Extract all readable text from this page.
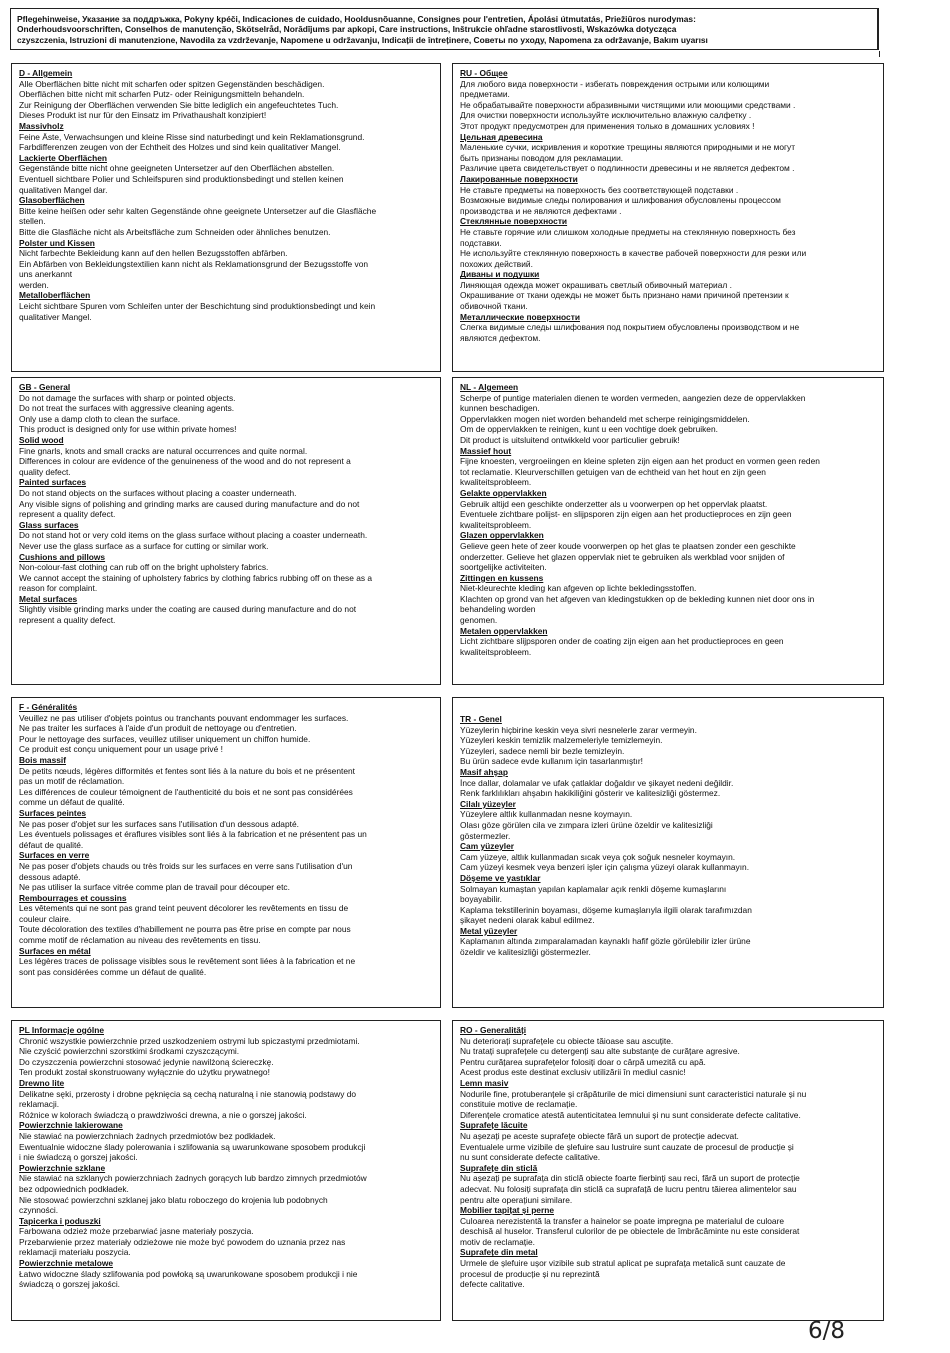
Pflegehinweise, Указание за поддръжка, Pokyny kpéči, Indicaciones de cuidado, Hooldusnõuanne, Consignes pour l'entretien, Ápolási útmutatás, Priežiūros nurodymas:
Onderhoudsvoorschriften, Conselhos de manutenção, Skötselråd, Norādījums par apkopi, Care instructions, Inštrukcie ohľadne starostlivosti, Wskazówka dotycząca
czyszczenia, Istruzioni di manutenzione, Navodila za vzdrževanje, Napomene u održavanju, Indicații de întreținere, Советы по уходу, Napomena za održavanje, Bakım uyarısı
D - Allgemein
Alle Oberflächen bitte nicht mit scharfen oder spitzen Gegenständen beschädigen.
Oberflächen bitte nicht mit scharfen Putz- oder Reinigungsmitteln behandeln.
Zur Reinigung der Oberflächen verwenden Sie bitte lediglich ein angefeuchtetes Tuch.
Dieses Produkt ist nur für den Einsatz im Privathaushalt konzipiert!
Massivholz
Feine Äste, Verwachsungen und kleine Risse sind naturbedingt und kein Reklamationsgrund.
Farbdifferenzen zeugen von der Echtheit des Holzes und sind kein qualitativer Mangel.
Lackierte Oberflächen
Gegenstände bitte nicht ohne geeigneten Untersetzer auf den Oberflächen abstellen.
Eventuell sichtbare Polier und Schleifspuren sind produktionsbedingt und stellen keinen
qualitativen Mangel dar.
Glasoberflächen
Bitte keine heißen oder sehr kalten Gegenstände ohne geeignete Untersetzer auf die Glasfläche
stellen.
Bitte die Glasfläche nicht als Arbeitsfläche zum Schneiden oder ähnliches benutzen.
Polster und Kissen
Nicht farbechte Bekleidung kann auf den hellen Bezugsstoffen abfärben.
Ein Abfärben von Bekleidungstextilien kann nicht als Reklamationsgrund der Bezugsstoffe von
uns anerkannt
werden.
Metalloberflächen
Leicht sichtbare Spuren vom Schleifen unter der Beschichtung sind produktionsbedingt und kein
qualitativer Mangel.
RU - Общее
Для любого вида поверхности - избегать повреждения острыми или колющими
предметами.
Не обрабатывайте поверхности абразивными чистящими или моющими средствами .
Для очистки поверхности используйте исключительно влажную салфетку .
Этот продукт предусмотрен для применения только в домашних условиях !
Цельная древесина
Маленькие сучки, искривления и короткие трещины являются природными и не могут
быть признаны поводом для рекламации.
Различие цвета свидетельствует о подлинности древесины и не является дефектом .
Лакированные поверхности
Не ставьте предметы на поверхность без соответствующей подставки .
Возможные видимые следы полирования и шлифования обусловлены процессом
производства и не являются дефектами .
Стеклянные поверхности
Не ставьте горячие или слишком холодные предметы на стеклянную поверхность без
подставки.
Не используйте стеклянную поверхность в качестве рабочей поверхности для резки или
похожих действий.
Диваны и подушки
Линяющая одежда может окрашивать светлый обивочный материал .
Окрашивание от ткани одежды не может быть признано нами причиной претензии к
обивочной ткани.
Металлические поверхности
Слегка видимые следы шлифования под покрытием обусловлены производством и не
являются дефектом.
GB - General
Do not damage the surfaces with sharp or pointed objects.
Do not treat the surfaces with aggressive cleaning agents.
Only use a damp cloth to clean the surface.
This product is designed only for use within private homes!
Solid wood
Fine gnarls, knots and small cracks are natural occurrences and quite normal.
Differences in colour are evidence of the genuineness of the wood and do not represent a
quality defect.
Painted surfaces
Do not stand objects on the surfaces without placing a coaster underneath.
Any visible signs of polishing and grinding marks are caused during manufacture and do not
represent a quality defect.
Glass surfaces
Do not stand hot or very cold items on the glass surface without placing a coaster underneath.
Never use the glass surface as a surface for cutting or similar work.
Cushions and pillows
Non-colour-fast clothing can rub off on the bright upholstery fabrics.
We cannot accept the staining of upholstery fabrics by clothing fabrics rubbing off on these as a
reason for complaint.
Metal surfaces
Slightly visible grinding marks under the coating are caused during manufacture and do not
represent a quality defect.
NL - Algemeen
Scherpe of puntige materialen dienen te worden vermeden, aangezien deze de oppervlakken
kunnen beschadigen.
Oppervlakken mogen niet worden behandeld met scherpe reinigingsmiddelen.
Om de oppervlakken te reinigen, kunt u een vochtige doek gebruiken.
Dit product is uitsluitend ontwikkeld voor particulier gebruik!
Massief hout
Fijne knoesten, vergroeiingen en kleine spleten zijn eigen aan het product en vormen geen reden
tot reclamatie. Kleurverschillen getuigen van de echtheid van het hout en zijn geen
kwaliteitsprobleem.
Gelakte oppervlakken
Gebruik altijd een geschikte onderzetter als u voorwerpen op het oppervlak plaatst.
Eventuele zichtbare polijst- en slijpsporen zijn eigen aan het productieproces en zijn geen
kwaliteitsprobleem.
Glazen oppervlakken
Gelieve geen hete of zeer koude voorwerpen op het glas te plaatsen zonder een geschikte
onderzetter. Gelieve het glazen oppervlak niet te gebruiken als werkblad voor snijden of
soortgelijke activiteiten.
Zittingen en kussens
Niet-kleurechte kleding kan afgeven op lichte bekledingsstoffen.
Klachten op grond van het afgeven van kledingstukken op de bekleding kunnen niet door ons in
behandeling worden
genomen.
Metalen oppervlakken
Licht zichtbare slijpsporen onder de coating zijn eigen aan het productieproces en geen
kwaliteitsprobleem.
F - Généralités
Veuillez ne pas utiliser d'objets pointus ou tranchants pouvant endommager les surfaces.
Ne pas traiter les surfaces à l'aide d'un produit de nettoyage ou d'entretien.
Pour le nettoyage des surfaces, veuillez utiliser uniquement un chiffon humide.
Ce produit est conçu uniquement pour un usage privé !
Bois massif
De petits nœuds, légères difformités et fentes sont liés à la nature du bois et ne présentent
pas un motif de réclamation.
Les différences de couleur témoignent de l'authenticité du bois et ne sont pas considérées
comme un défaut de qualité.
Surfaces peintes
Ne pas poser d'objet sur les surfaces sans l'utilisation d'un dessous adapté.
Les éventuels polissages et éraflures visibles sont liés à la fabrication et ne présentent pas un
défaut de qualité.
Surfaces en verre
Ne pas poser d'objets chauds ou très froids sur les surfaces en verre sans l'utilisation d'un
dessous adapté.
Ne pas utiliser la surface vitrée comme plan de travail pour découper etc.
Rembourrages et coussins
Les vêtements qui ne sont pas grand teint peuvent décolorer les revêtements en tissu de
couleur claire.
Toute décoloration des textiles d'habillement ne pourra pas être prise en compte par nous
comme motif de réclamation au niveau des revêtements en tissu.
Surfaces en métal
Les légères traces de polissage visibles sous le revêtement sont liées à la fabrication et ne
sont pas considérées comme un défaut de qualité.
TR - Genel
Yüzeylerin hiçbirine keskin veya sivri nesnelerle zarar vermeyin.
Yüzeyleri keskin temizlik malzemeleriyle temizlemeyin.
Yüzeyleri, sadece nemli bir bezle temizleyin.
Bu ürün sadece evde kullanım için tasarlanmıştır!
Masif ahşap
İnce dallar, dolamalar ve ufak çatlaklar doğaldır ve şikayet nedeni değildir.
Renk farklılıkları ahşabın hakikiliğini gösterir ve kalitesizliği göstermez.
Cilalı yüzeyler
Yüzeylere altlık kullanmadan nesne koymayın.
Olası göze görülen cila ve zımpara izleri ürüne özeldir ve kalitesizliği
göstermezler.
Cam yüzeyler
Cam yüzeye, altlık kullanmadan sıcak veya çok soğuk nesneler koymayın.
Cam yüzeyi kesmek veya benzeri işler için çalışma yüzeyi olarak kullanmayın.
Döşeme ve yastıklar
Solmayan kumaştan yapılan kaplamalar açık renkli döşeme kumaşlarını
boyayabilir.
Kaplama tekstillerinin boyaması, döşeme kumaşlarıyla ilgili olarak tarafımızdan
şikayet nedeni olarak kabul edilmez.
Metal yüzeyler
Kaplamanın altında zımparalamadan kaynaklı hafif gözle görülebilir izler ürüne
özeldir ve kalitesizliği göstermezler.
PL Informacje ogólne
Chronić wszystkie powierzchnie przed uszkodzeniem ostrymi lub spiczastymi przedmiotami.
Nie czyścić powierzchni szorstkimi środkami czyszczącymi.
Do czyszczenia powierzchni stosować jedynie nawilżoną ściereczkę.
Ten produkt został skonstruowany wyłącznie do użytku prywatnego!
Drewno lite
Delikatne sęki, przerosty i drobne pęknięcia są cechą naturalną i nie stanowią podstawy do
reklamacji.
Różnice w kolorach świadczą o prawdziwości drewna, a nie o gorszej jakości.
Powierzchnie lakierowane
Nie stawiać na powierzchniach żadnych przedmiotów bez podkładek.
Ewentualnie widoczne ślady polerowania i szlifowania są uwarunkowane sposobem produkcji
i nie świadczą o gorszej jakości.
Powierzchnie szklane
Nie stawiać na szklanych powierzchniach żadnych gorących lub bardzo zimnych przedmiotów
bez odpowiednich podkładek.
Nie stosować powierzchni szklanej jako blatu roboczego do krojenia lub podobnych
czynności.
Tapicerka i poduszki
Farbowana odzież może przebarwiać jasne materiały poszycia.
Przebarwienie przez materiały odzieżowe nie może być powodem do uznania przez nas
reklamacji materiału poszycia.
Powierzchnie metalowe
Łatwo widoczne ślady szlifowania pod powłoką są uwarunkowane sposobem produkcji i nie
świadczą o gorszej jakości.
RO - Generalități
Nu deteriorați suprafețele cu obiecte tăioase sau ascuțite.
Nu tratați suprafețele cu detergenți sau alte substanțe de curățare agresive.
Pentru curățarea suprafețelor folosiți doar o cârpă umezită cu apă.
Acest produs este destinat exclusiv utilizării în mediul casnic!
Lemn masiv
Nodurile fine, protuberanțele și crăpăturile de mici dimensiuni sunt caracteristici naturale și nu
constituie motive de reclamație.
Diferențele cromatice atestă autenticitatea lemnului și nu sunt considerate defecte calitative.
Suprafețe lăcuite
Nu așezați pe aceste suprafețe obiecte fără un suport de protecție adecvat.
Eventualele urme vizibile de șlefuire sau lustruire sunt cauzate de procesul de producție și
nu sunt considerate defecte calitative.
Suprafețe din sticlă
Nu așezați pe suprafața din sticlă obiecte foarte fierbinți sau reci, fără un suport de protecție
adecvat. Nu folosiți suprafața din sticlă ca suprafață de lucru pentru tăierea alimentelor sau
pentru alte operațiuni similare.
Mobilier tapițat și perne
Culoarea nerezistentă la transfer a hainelor se poate impregna pe materialul de culoare
deschisă al huselor. Transferul culorilor de pe obiectele de îmbrăcăminte nu este considerat
motiv de reclamație.
Suprafețe din metal
Urmele de șlefuire ușor vizibile sub stratul aplicat pe suprafața metalică sunt cauzate de
procesul de producție și nu reprezintă
defecte calitative.
6/8
